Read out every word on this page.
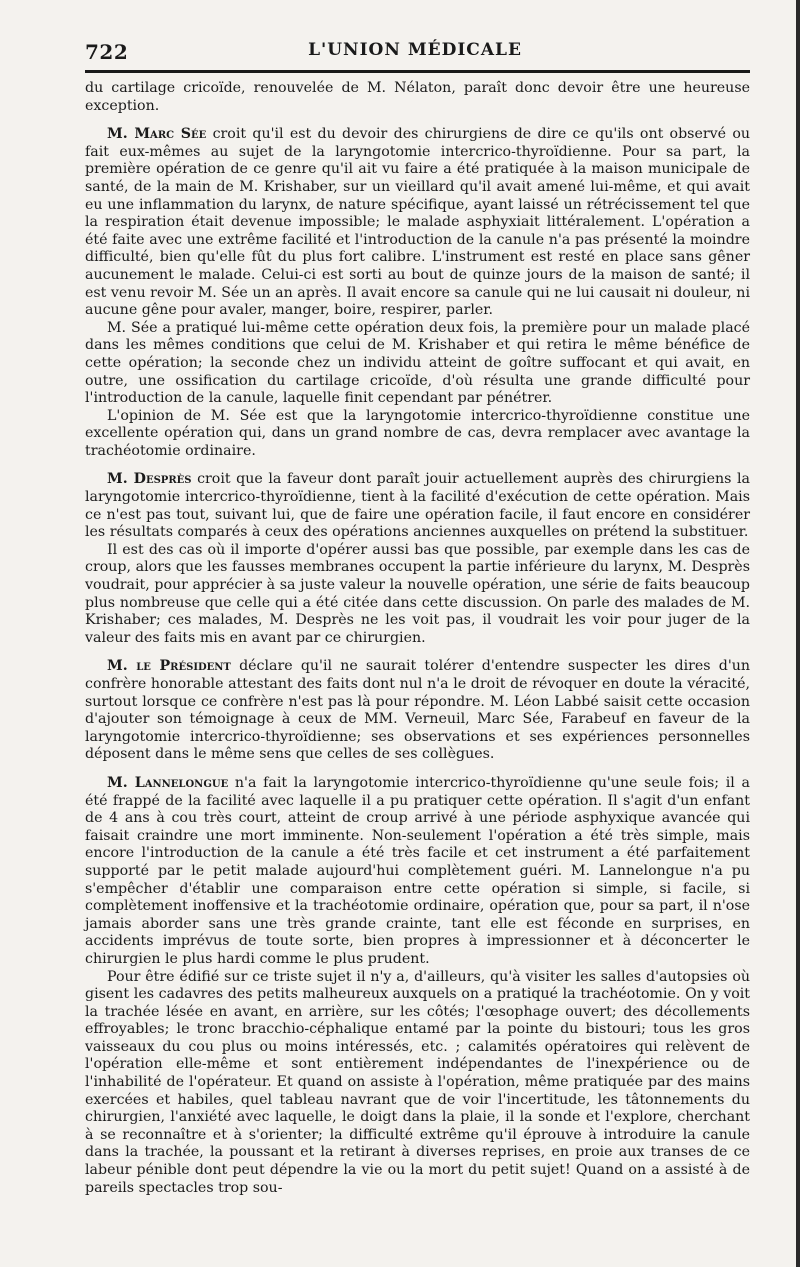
722	L'UNION MÉDICALE

du cartilage cricoïde, renouvelée de M. Nélaton, paraît donc devoir être une heureuse exception.

M. Marc Sée croit qu'il est du devoir des chirurgiens de dire ce qu'ils ont observé ou fait eux-mêmes au sujet de la laryngotomie intercrico-thyroïdienne. Pour sa part, la première opération de ce genre qu'il ait vu faire a été pratiquée à la maison municipale de santé, de la main de M. Krishaber, sur un vieillard qu'il avait amené lui-même, et qui avait eu une inflammation du larynx, de nature spécifique, ayant laissé un rétrécissement tel que la respiration était devenue impossible; le malade asphyxiait littéralement. L'opération a été faite avec une extrême facilité et l'introduction de la canule n'a pas présenté la moindre difficulté, bien qu'elle fût du plus fort calibre. L'instrument est resté en place sans gêner aucunement le malade. Celui-ci est sorti au bout de quinze jours de la maison de santé; il est venu revoir M. Sée un an après. Il avait encore sa canule qui ne lui causait ni douleur, ni aucune gêne pour avaler, manger, boire, respirer, parler.

M. Sée a pratiqué lui-même cette opération deux fois, la première pour un malade placé dans les mêmes conditions que celui de M. Krishaber et qui retira le même bénéfice de cette opération; la seconde chez un individu atteint de goître suffocant et qui avait, en outre, une ossification du cartilage cricoïde, d'où résulta une grande difficulté pour l'introduction de la canule, laquelle finit cependant par pénétrer.

L'opinion de M. Sée est que la laryngotomie intercrico-thyroïdienne constitue une excellente opération qui, dans un grand nombre de cas, devra remplacer avec avantage la trachéotomie ordinaire.

M. Desprès croit que la faveur dont paraît jouir actuellement auprès des chirurgiens la laryngotomie intercrico-thyroïdienne, tient à la facilité d'exécution de cette opération. Mais ce n'est pas tout, suivant lui, que de faire une opération facile, il faut encore en considérer les résultats comparés à ceux des opérations anciennes auxquelles on prétend la substituer.

Il est des cas où il importe d'opérer aussi bas que possible, par exemple dans les cas de croup, alors que les fausses membranes occupent la partie inférieure du larynx, M. Desprès voudrait, pour apprécier à sa juste valeur la nouvelle opération, une série de faits beaucoup plus nombreuse que celle qui a été citée dans cette discussion. On parle des malades de M. Krishaber; ces malades, M. Desprès ne les voit pas, il voudrait les voir pour juger de la valeur des faits mis en avant par ce chirurgien.

M. le Président déclare qu'il ne saurait tolérer d'entendre suspecter les dires d'un confrère honorable attestant des faits dont nul n'a le droit de révoquer en doute la véracité, surtout lorsque ce confrère n'est pas là pour répondre. M. Léon Labbé saisit cette occasion d'ajouter son témoignage à ceux de MM. Verneuil, Marc Sée, Farabeuf en faveur de la laryngotomie intercrico-thyroïdienne; ses observations et ses expériences personnelles déposent dans le même sens que celles de ses collègues.

M. Lannelongue n'a fait la laryngotomie intercrico-thyroïdienne qu'une seule fois; il a été frappé de la facilité avec laquelle il a pu pratiquer cette opération. Il s'agit d'un enfant de 4 ans à cou très court, atteint de croup arrivé à une période asphyxique avancée qui faisait craindre une mort imminente. Non-seulement l'opération a été très simple, mais encore l'introduction de la canule a été très facile et cet instrument a été parfaitement supporté par le petit malade aujourd'hui complètement guéri. M. Lannelongue n'a pu s'empêcher d'établir une comparaison entre cette opération si simple, si facile, si complètement inoffensive et la trachéotomie ordinaire, opération que, pour sa part, il n'ose jamais aborder sans une très grande crainte, tant elle est féconde en surprises, en accidents imprévus de toute sorte, bien propres à impressionner et à déconcerter le chirurgien le plus hardi comme le plus prudent.

Pour être édifié sur ce triste sujet il n'y a, d'ailleurs, qu'à visiter les salles d'autopsies où gisent les cadavres des petits malheureux auxquels on a pratiqué la trachéotomie. On y voit la trachée lésée en avant, en arrière, sur les côtés; l'œsophage ouvert; des décollements effroyables; le tronc bracchio-céphalique entamé par la pointe du bistouri; tous les gros vaisseaux du cou plus ou moins intéressés, etc. ; calamités opératoires qui relèvent de l'opération elle-même et sont entièrement indépendantes de l'inexpérience ou de l'inhabilité de l'opérateur. Et quand on assiste à l'opération, même pratiquée par des mains exercées et habiles, quel tableau navrant que de voir l'incertitude, les tâtonnements du chirurgien, l'anxiété avec laquelle, le doigt dans la plaie, il la sonde et l'explore, cherchant à se reconnaître et à s'orienter; la difficulté extrême qu'il éprouve à introduire la canule dans la trachée, la poussant et la retirant à diverses reprises, en proie aux transes de ce labeur pénible dont peut dépendre la vie ou la mort du petit sujet! Quand on a assisté à de pareils spectacles trop sou-
